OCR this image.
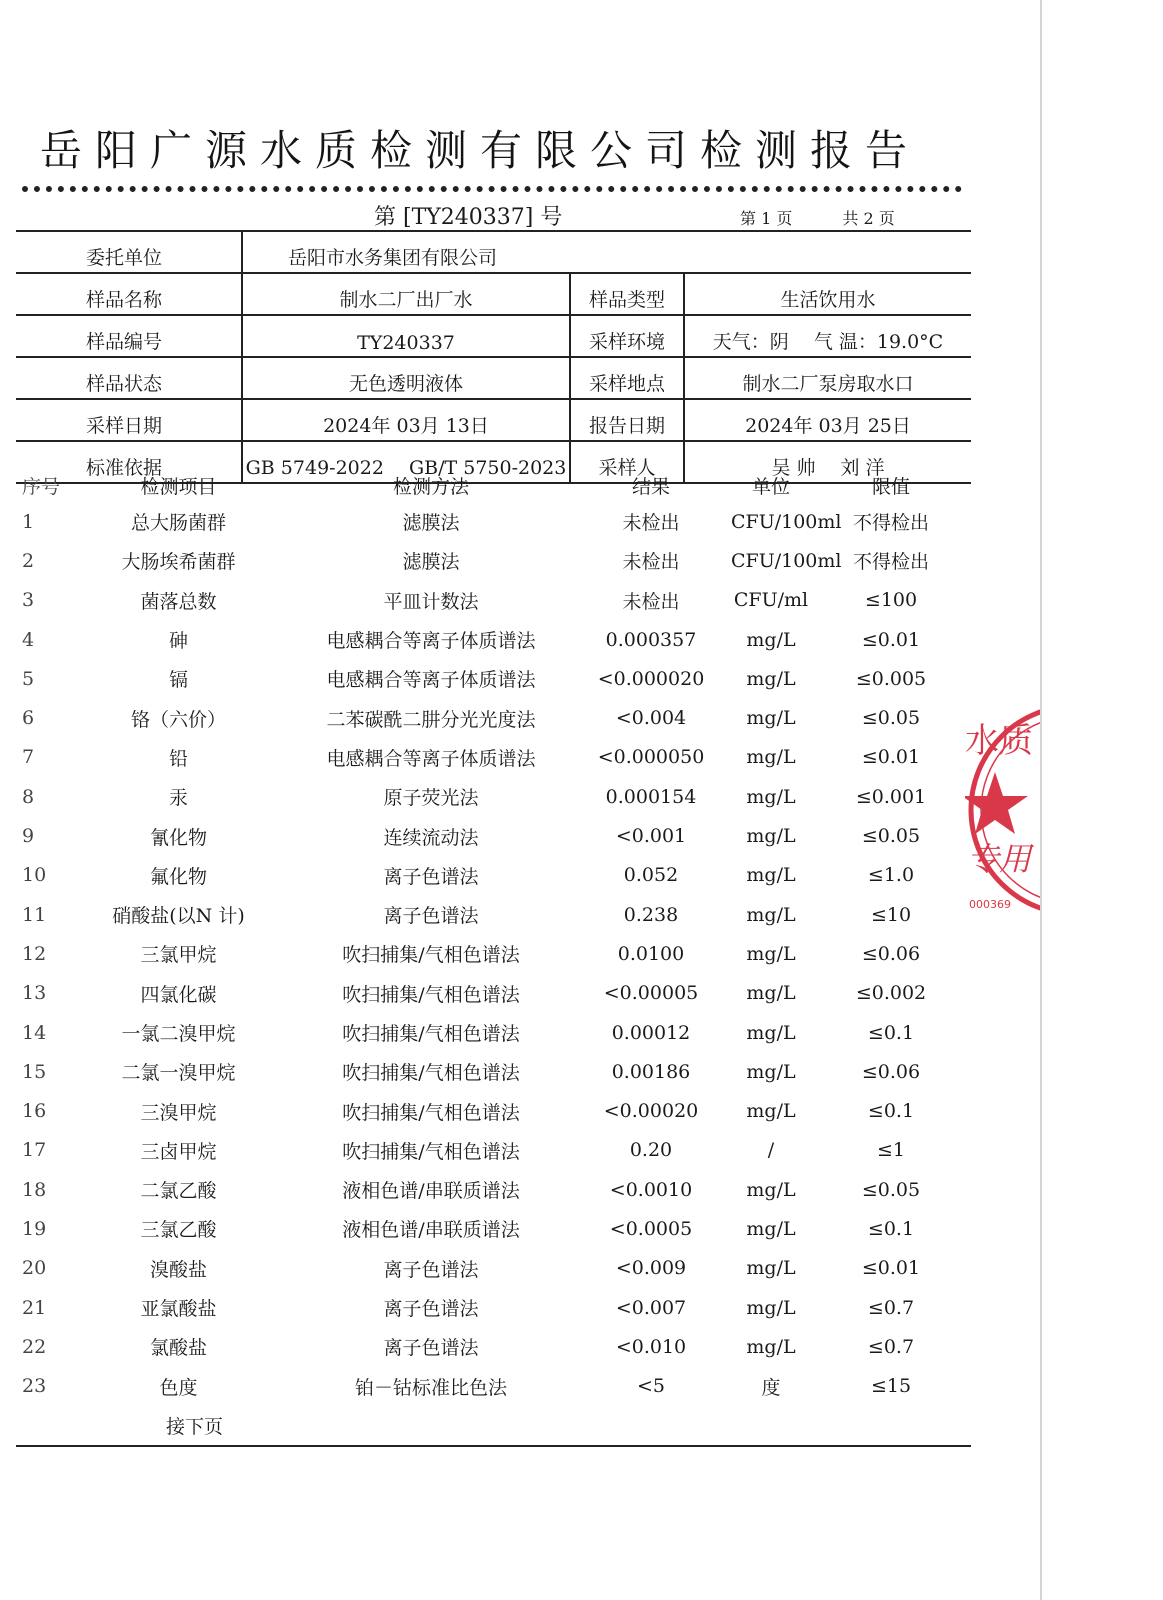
岳阳广源水质检测有限公司检测报告
第 [TY240337] 号	第 1 页	共 2 页
委托单位	岳阳市水务集团有限公司		
样品名称	制水二厂出厂水	样品类型	生活饮用水
样品编号	TY240337	采样环境	天气：阴　 气 温：19.0°C
样品状态	无色透明液体	采样地点	制水二厂泵房取水口
采样日期	2024年 03月 13日	报告日期	2024年 03月 25日
标准依据	GB 5749-2022　 GB/T 5750-2023	采样人	吴 帅　 刘 洋
序号	检测项目	检测方法	结果	单位	限值
1	总大肠菌群	滤膜法	未检出	CFU/100ml	不得检出
2	大肠埃希菌群	滤膜法	未检出	CFU/100ml	不得检出
3	菌落总数	平皿计数法	未检出	CFU/ml	≤100
4	砷	电感耦合等离子体质谱法	0.000357	mg/L	≤0.01
5	镉	电感耦合等离子体质谱法	<0.000020	mg/L	≤0.005
6	铬（六价）	二苯碳酰二肼分光光度法	<0.004	mg/L	≤0.05
7	铅	电感耦合等离子体质谱法	<0.000050	mg/L	≤0.01
8	汞	原子荧光法	0.000154	mg/L	≤0.001
9	氰化物	连续流动法	<0.001	mg/L	≤0.05
10	氟化物	离子色谱法	0.052	mg/L	≤1.0
11	硝酸盐(以N 计)	离子色谱法	0.238	mg/L	≤10
12	三氯甲烷	吹扫捕集/气相色谱法	0.0100	mg/L	≤0.06
13	四氯化碳	吹扫捕集/气相色谱法	<0.00005	mg/L	≤0.002
14	一氯二溴甲烷	吹扫捕集/气相色谱法	0.00012	mg/L	≤0.1
15	二氯一溴甲烷	吹扫捕集/气相色谱法	0.00186	mg/L	≤0.06
16	三溴甲烷	吹扫捕集/气相色谱法	<0.00020	mg/L	≤0.1
17	三卤甲烷	吹扫捕集/气相色谱法	0.20	/	≤1
18	二氯乙酸	液相色谱/串联质谱法	<0.0010	mg/L	≤0.05
19	三氯乙酸	液相色谱/串联质谱法	<0.0005	mg/L	≤0.1
20	溴酸盐	离子色谱法	<0.009	mg/L	≤0.01
21	亚氯酸盐	离子色谱法	<0.007	mg/L	≤0.7
22	氯酸盐	离子色谱法	<0.010	mg/L	≤0.7
23	色度	铂－钴标准比色法	<5	度	≤15
	接下页				
水质
专用
000369
